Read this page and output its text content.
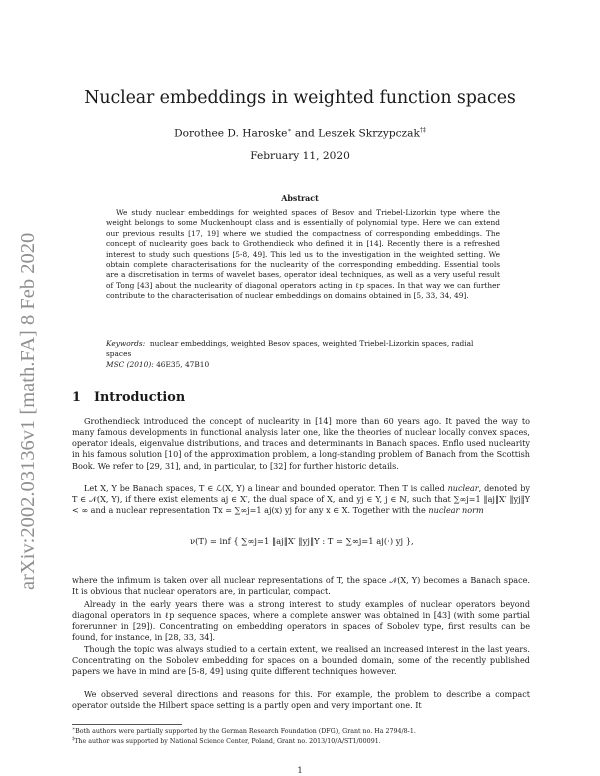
arXiv:2002.03136v1 [math.FA] 8 Feb 2020
Nuclear embeddings in weighted function spaces
Dorothee D. Haroske∗ and Leszek Skrzypczak†‡
February 11, 2020
Abstract

We study nuclear embeddings for weighted spaces of Besov and Triebel-Lizorkin type where the weight belongs to some Muckenhoupt class and is essentially of polynomial type. Here we can extend our previous results [17, 19] where we studied the compactness of corresponding embeddings. The concept of nuclearity goes back to Grothendieck who defined it in [14]. Recently there is a refreshed interest to study such questions [5-8, 49]. This led us to the investigation in the weighted setting. We obtain complete characterisations for the nuclearity of the corresponding embedding. Essential tools are a discretisation in terms of wavelet bases, operator ideal techniques, as well as a very useful result of Tong [43] about the nuclearity of diagonal operators acting in ℓp spaces. In that way we can further contribute to the characterisation of nuclear embeddings on domains obtained in [5, 33, 34, 49].

Keywords: nuclear embeddings, weighted Besov spaces, weighted Triebel-Lizorkin spaces, radial spaces

MSC (2010): 46E35, 47B10
1 Introduction

Grothendieck introduced the concept of nuclearity in [14] more than 60 years ago. It paved the way to many famous developments in functional analysis later one, like the theories of nuclear locally convex spaces, operator ideals, eigenvalue distributions, and traces and determinants in Banach spaces. Enflo used nuclearity in his famous solution [10] of the approximation problem, a long-standing problem of Banach from the Scottish Book. We refer to [29, 31], and, in particular, to [32] for further historic details.

Let X, Y be Banach spaces, T ∈ ℒ(X, Y) a linear and bounded operator. Then T is called nuclear, denoted by T ∈ 𝒩(X, Y), if there exist elements aj ∈ X′, the dual space of X, and yj ∈ Y, j ∈ ℕ, such that ∑∞j=1 ‖aj‖X′ ‖yj‖Y < ∞ and a nuclear representation Tx = ∑∞j=1 aj(x) yj for any x ∈ X. Together with the nuclear norm

ν(T) = inf { ∑∞j=1 ‖aj‖X′ ‖yj‖Y : T = ∑∞j=1 aj(·) yj },

where the infimum is taken over all nuclear representations of T, the space 𝒩(X, Y) becomes a Banach space. It is obvious that nuclear operators are, in particular, compact.

Already in the early years there was a strong interest to study examples of nuclear operators beyond diagonal operators in ℓp sequence spaces, where a complete answer was obtained in [43] (with some partial forerunner in [29]). Concentrating on embedding operators in spaces of Sobolev type, first results can be found, for instance, in [28, 33, 34].

Though the topic was always studied to a certain extent, we realised an increased interest in the last years. Concentrating on the Sobolev embedding for spaces on a bounded domain, some of the recently published papers we have in mind are [5-8, 49] using quite different techniques however.

We observed several directions and reasons for this. For example, the problem to describe a compact operator outside the Hilbert space setting is a partly open and very important one. It

∗Both authors were partially supported by the German Research Foundation (DFG), Grant no. Ha 2794/8-1.
‡The author was supported by National Science Center, Poland, Grant no. 2013/10/A/ST1/00091.
1
